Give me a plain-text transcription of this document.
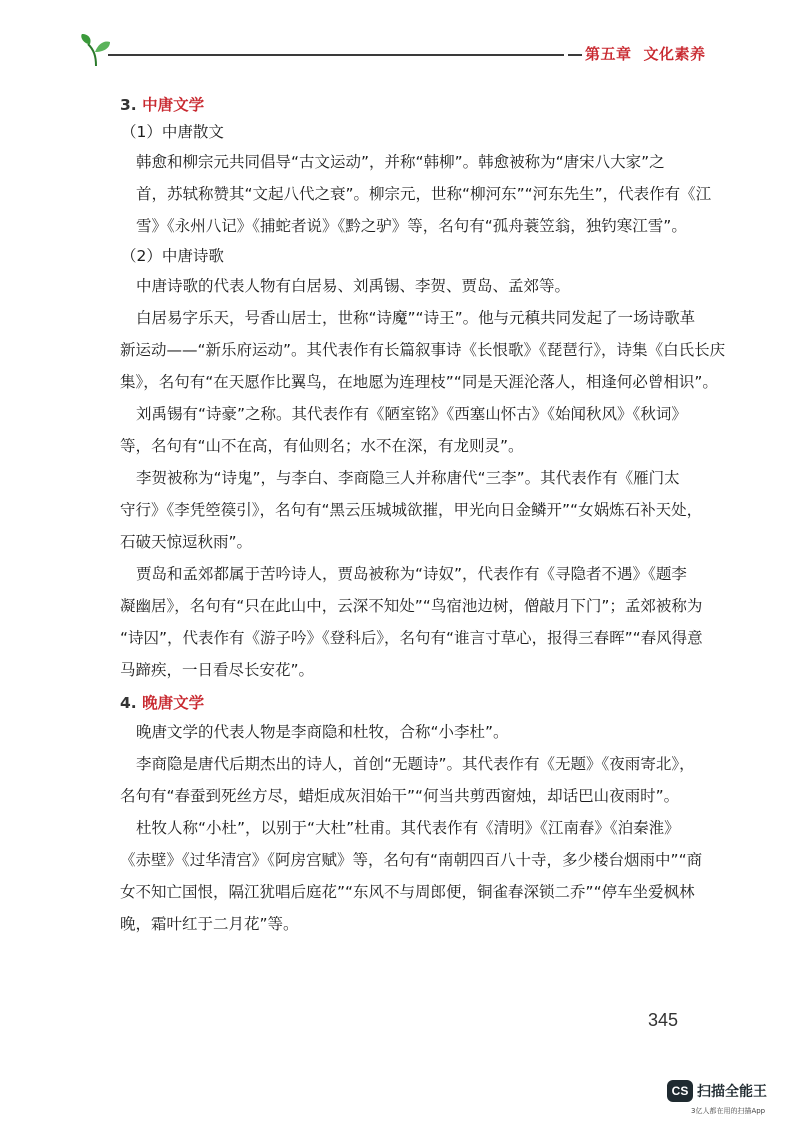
第五章 文化素养
3. 中唐文学
（1）中唐散文
韩愈和柳宗元共同倡导“古文运动”，并称“韩柳”。韩愈被称为“唐宋八大家”之
首，苏轼称赞其“文起八代之衰”。柳宗元，世称“柳河东”“河东先生”，代表作有《江
雪》《永州八记》《捕蛇者说》《黔之驴》等，名句有“孤舟蓑笠翁，独钓寒江雪”。
（2）中唐诗歌
中唐诗歌的代表人物有白居易、刘禹锡、李贺、贾岛、孟郊等。
白居易字乐天，号香山居士，世称“诗魔”“诗王”。他与元稹共同发起了一场诗歌革
新运动——“新乐府运动”。其代表作有长篇叙事诗《长恨歌》《琵琶行》，诗集《白氏长庆
集》，名句有“在天愿作比翼鸟，在地愿为连理枝”“同是天涯沦落人，相逢何必曾相识”。
刘禹锡有“诗豪”之称。其代表作有《陋室铭》《西塞山怀古》《始闻秋风》《秋词》
等，名句有“山不在高，有仙则名；水不在深，有龙则灵”。
李贺被称为“诗鬼”，与李白、李商隐三人并称唐代“三李”。其代表作有《雁门太
守行》《李凭箜篌引》，名句有“黑云压城城欲摧，甲光向日金鳞开”“女娲炼石补天处，
石破天惊逗秋雨”。
贾岛和孟郊都属于苦吟诗人，贾岛被称为“诗奴”，代表作有《寻隐者不遇》《题李
凝幽居》，名句有“只在此山中，云深不知处”“鸟宿池边树，僧敲月下门”；孟郊被称为
“诗囚”，代表作有《游子吟》《登科后》，名句有“谁言寸草心，报得三春晖”“春风得意
马蹄疾，一日看尽长安花”。
4. 晚唐文学
晚唐文学的代表人物是李商隐和杜牧，合称“小李杜”。
李商隐是唐代后期杰出的诗人，首创“无题诗”。其代表作有《无题》《夜雨寄北》，
名句有“春蚕到死丝方尽，蜡炬成灰泪始干”“何当共剪西窗烛，却话巴山夜雨时”。
杜牧人称“小杜”，以别于“大杜”杜甫。其代表作有《清明》《江南春》《泊秦淮》
《赤壁》《过华清宫》《阿房宫赋》等，名句有“南朝四百八十寺，多少楼台烟雨中”“商
女不知亡国恨，隔江犹唱后庭花”“东风不与周郎便，铜雀春深锁二乔”“停车坐爱枫林
晚，霜叶红于二月花”等。
345
CS 扫描全能王
3亿人都在用的扫描App
